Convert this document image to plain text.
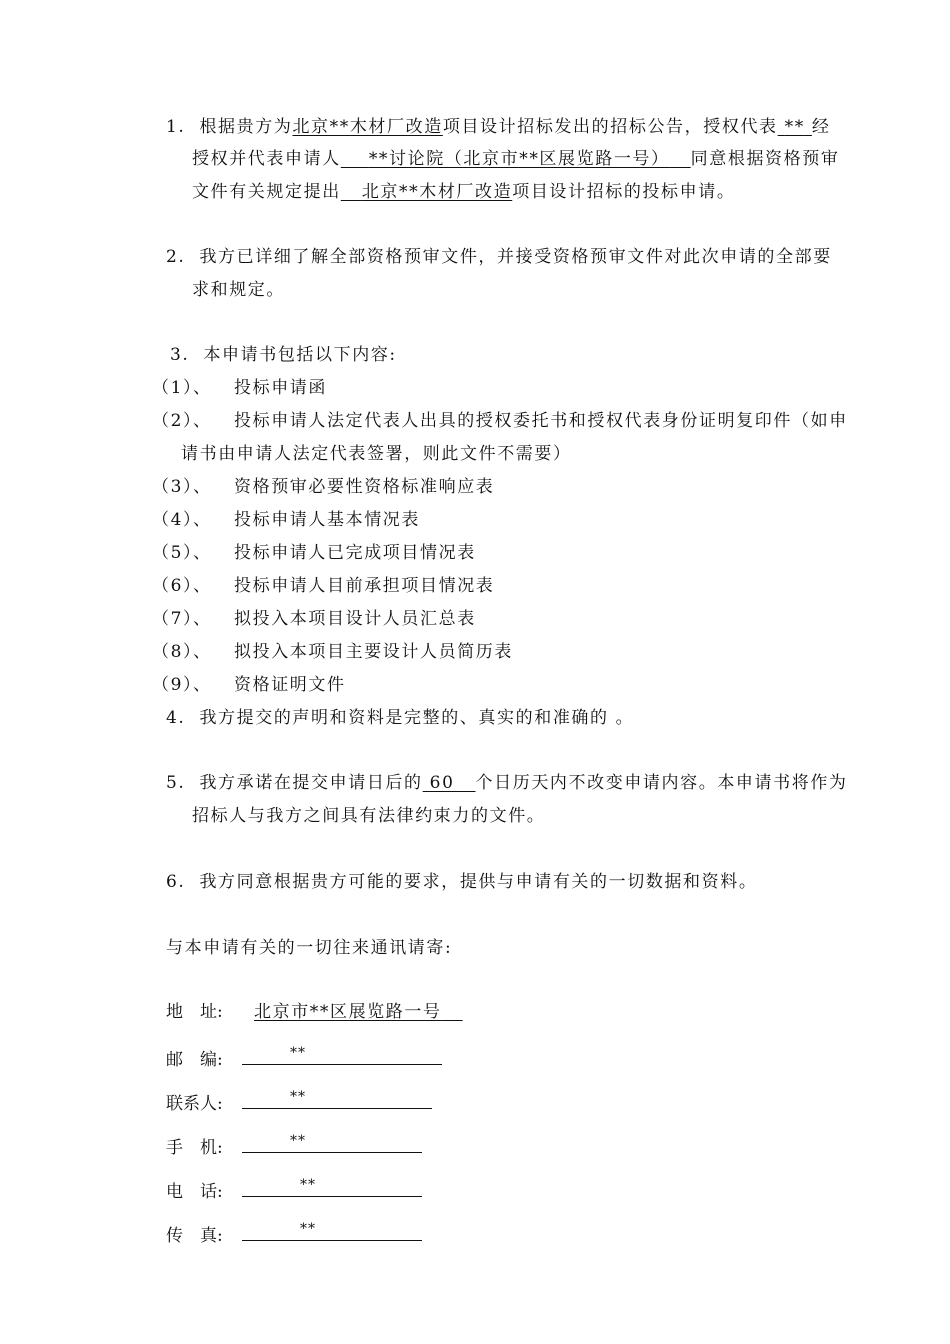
1. 根据贵方为北京**木材厂改造项目设计招标发出的招标公告，授权代表 ** 经
授权并代表申请人 **讨论院（北京市**区展览路一号） 同意根据资格预审
文件有关规定提出 北京**木材厂改造项目设计招标的投标申请。
2. 我方已详细了解全部资格预审文件，并接受资格预审文件对此次申请的全部要
求和规定。
3. 本申请书包括以下内容:
（1）、 投标申请函
（2）、 投标申请人法定代表人出具的授权委托书和授权代表身份证明复印件（如申
请书由申请人法定代表签署，则此文件不需要）
（3）、 资格预审必要性资格标准响应表
（4）、 投标申请人基本情况表
（5）、 投标申请人已完成项目情况表
（6）、 投标申请人目前承担项目情况表
（7）、 拟投入本项目设计人员汇总表
（8）、 拟投入本项目主要设计人员简历表
（9）、 资格证明文件
4. 我方提交的声明和资料是完整的、真实的和准确的 。
5. 我方承诺在提交申请日后的 60 个日历天内不改变申请内容。本申请书将作为
招标人与我方之间具有法律约束力的文件。
6. 我方同意根据贵方可能的要求，提供与申请有关的一切数据和资料。
与本申请有关的一切往来通讯请寄:
地　址: 北京市**区展览路一号
邮　编:	**
联系人:	**
手　机:	**
电　话:	**
传　真:	**
